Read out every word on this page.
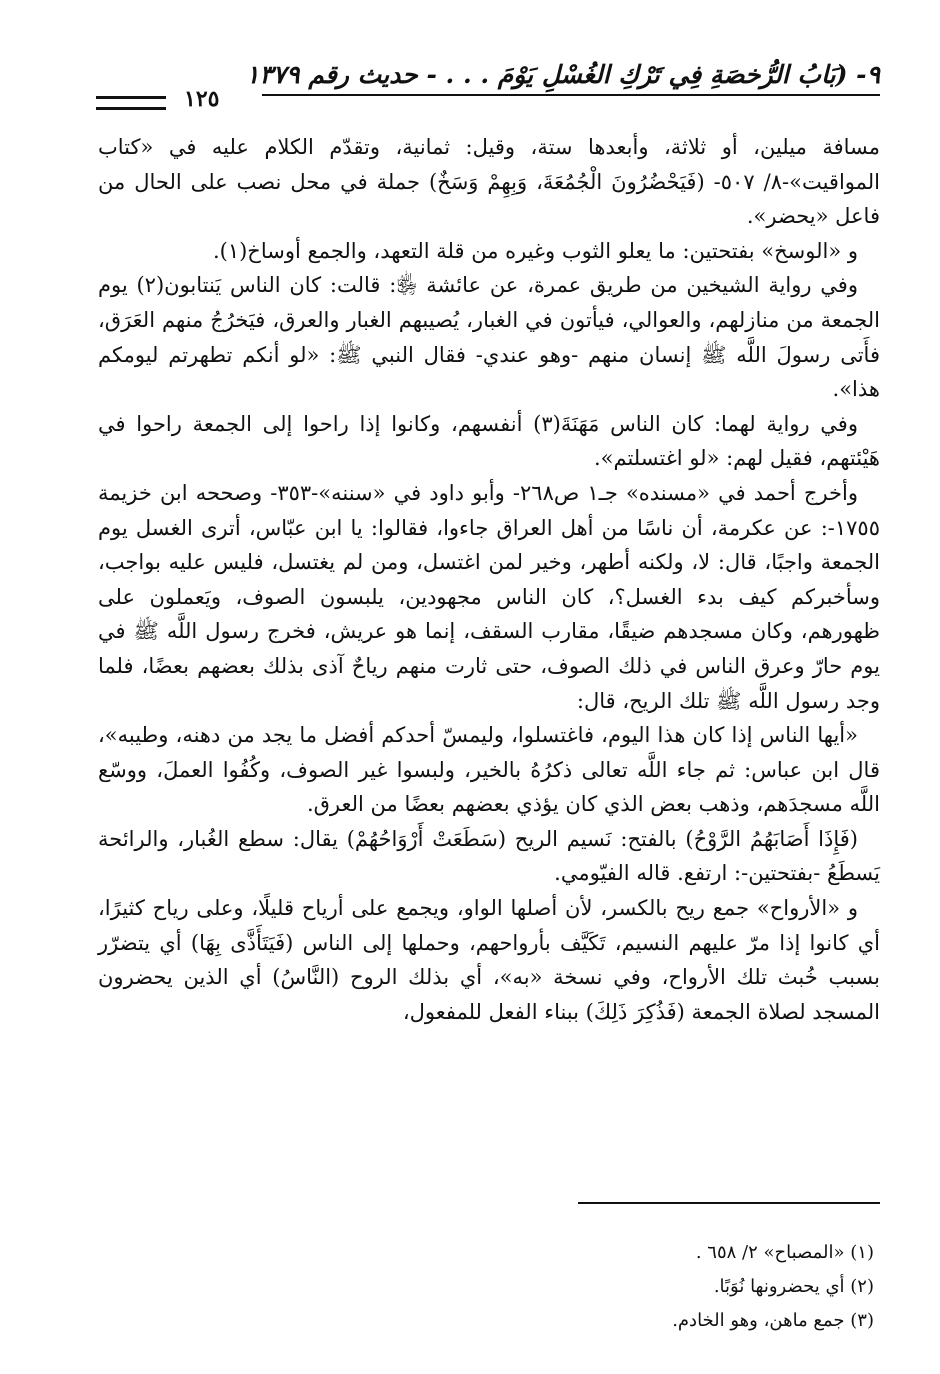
٩- (بَابُ الرُّخصَةِ فِي تَرْكِ الغُسْلِ يَوْمَ . . . - حديث رقم ١٣٧٩
١٢٥

مسافة ميلين، أو ثلاثة، وأبعدها ستة، وقيل: ثمانية، وتقدّم الكلام عليه في «كتاب المواقيت»-٨/ ٥٠٧- (فَيَحْضُرُونَ الْجُمُعَةَ، وَبِهِمْ وَسَخٌ) جملة في محل نصب على الحال من فاعل «يحضر».

و «الوسخ» بفتحتين: ما يعلو الثوب وغيره من قلة التعهد، والجمع أوساخ(١).

وفي رواية الشيخين من طريق عمرة، عن عائشة ﵂: قالت: كان الناس يَنتابون(٢) يوم الجمعة من منازلهم، والعوالي، فيأتون في الغبار، يُصيبهم الغبار والعرق، فيَخرُجُ منهم العَرَق، فأَتى رسولَ اللَّه ﷺ إنسان منهم -وهو عندي- فقال النبي ﷺ: «لو أنكم تطهرتم ليومكم هذا».

وفي رواية لهما: كان الناس مَهَنَةَ(٣) أنفسهم، وكانوا إذا راحوا إلى الجمعة راحوا في هَيْئتهم، فقيل لهم: «لو اغتسلتم».

وأخرج أحمد في «مسنده» جـ١ ص٢٦٨- وأبو داود في «سننه»-٣٥٣- وصححه ابن خزيمة ١٧٥٥-: عن عكرمة، أن ناسًا من أهل العراق جاءوا، فقالوا: يا ابن عبّاس، أترى الغسل يوم الجمعة واجبًا، قال: لا، ولكنه أطهر، وخير لمن اغتسل، ومن لم يغتسل، فليس عليه بواجب، وسأخبركم كيف بدء الغسل؟، كان الناس مجهودين، يلبسون الصوف، ويَعملون على ظهورهم، وكان مسجدهم ضيقًا، مقارب السقف، إنما هو عريش، فخرج رسول اللَّه ﷺ في يوم حارّ وعرق الناس في ذلك الصوف، حتى ثارت منهم رياحٌ آذى بذلك بعضهم بعضًا، فلما وجد رسول اللَّه ﷺ تلك الريح، قال:

«أيها الناس إذا كان هذا اليوم، فاغتسلوا، وليمسّ أحدكم أفضل ما يجد من دهنه، وطيبه»، قال ابن عباس: ثم جاء اللَّه تعالى ذكرُهُ بالخير، ولبسوا غير الصوف، وكُفُوا العملَ، ووسّع اللَّه مسجدَهم، وذهب بعض الذي كان يؤذي بعضهم بعضًا من العرق.

(فَإِذَا أَصَابَهُمُ الرَّوْحُ) بالفتح: نَسيم الريح (سَطَعَتْ أَرْوَاحُهُمْ) يقال: سطع الغُبار، والرائحة يَسطَعُ -بفتحتين-: ارتفع. قاله الفيّومي.

و «الأرواح» جمع ريح بالكسر، لأن أصلها الواو، ويجمع على أرياح قليلًا، وعلى رياح كثيرًا، أي كانوا إذا مرّ عليهم النسيم، تَكَيَّف بأرواحهم، وحملها إلى الناس (فَيَتَأَذَّى بِهَا) أي يتضرّر بسبب خُبث تلك الأرواح، وفي نسخة «به»، أي بذلك الروح (النَّاسُ) أي الذين يحضرون المسجد لصلاة الجمعة (فَذُكِرَ ذَلِكَ) ببناء الفعل للمفعول،

(١) «المصباح» ٢/ ٦٥٨ .
(٢) أي يحضرونها نُوَبًا.
(٣) جمع ماهن، وهو الخادم.
